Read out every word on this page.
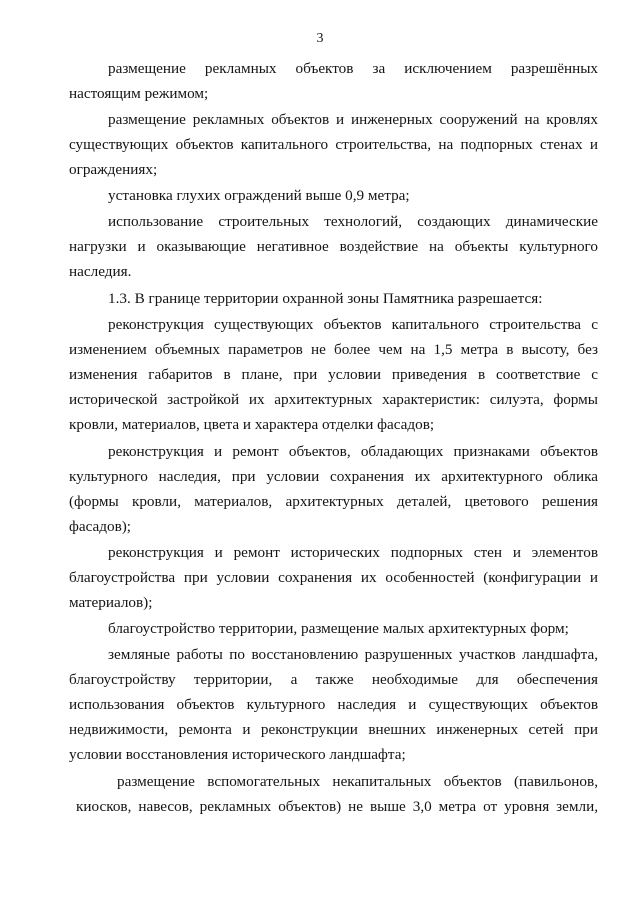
3
размещение рекламных объектов за исключением разрешённых
настоящим режимом;
размещение рекламных объектов и инженерных сооружений на кровлях
существующих объектов капитального строительства, на подпорных стенах и
ограждениях;
установка глухих ограждений выше 0,9 метра;
использование строительных технологий, создающих динамические
нагрузки и оказывающие негативное воздействие на объекты культурного
наследия.
1.3. В границе территории охранной зоны Памятника разрешается:
реконструкция существующих объектов капитального строительства с
изменением объемных параметров не более чем на 1,5 метра в высоту, без
изменения габаритов в плане, при условии приведения в соответствие с
исторической застройкой их архитектурных характеристик: силуэта, формы
кровли, материалов, цвета и характера отделки фасадов;
реконструкция и ремонт объектов, обладающих признаками объектов
культурного наследия, при условии сохранения их архитектурного облика
(формы кровли, материалов, архитектурных деталей, цветового решения
фасадов);
реконструкция и ремонт исторических подпорных стен и элементов
благоустройства при условии сохранения их особенностей (конфигурации и
материалов);
благоустройство территории, размещение малых архитектурных форм;
земляные работы по восстановлению разрушенных участков ландшафта,
благоустройству территории, а также необходимые для обеспечения
использования объектов культурного наследия и существующих объектов
недвижимости, ремонта и реконструкции внешних инженерных сетей при
условии восстановления исторического ландшафта;
размещение вспомогательных некапитальных объектов (павильонов,
киосков, навесов, рекламных объектов) не выше 3,0 метра от уровня земли,
